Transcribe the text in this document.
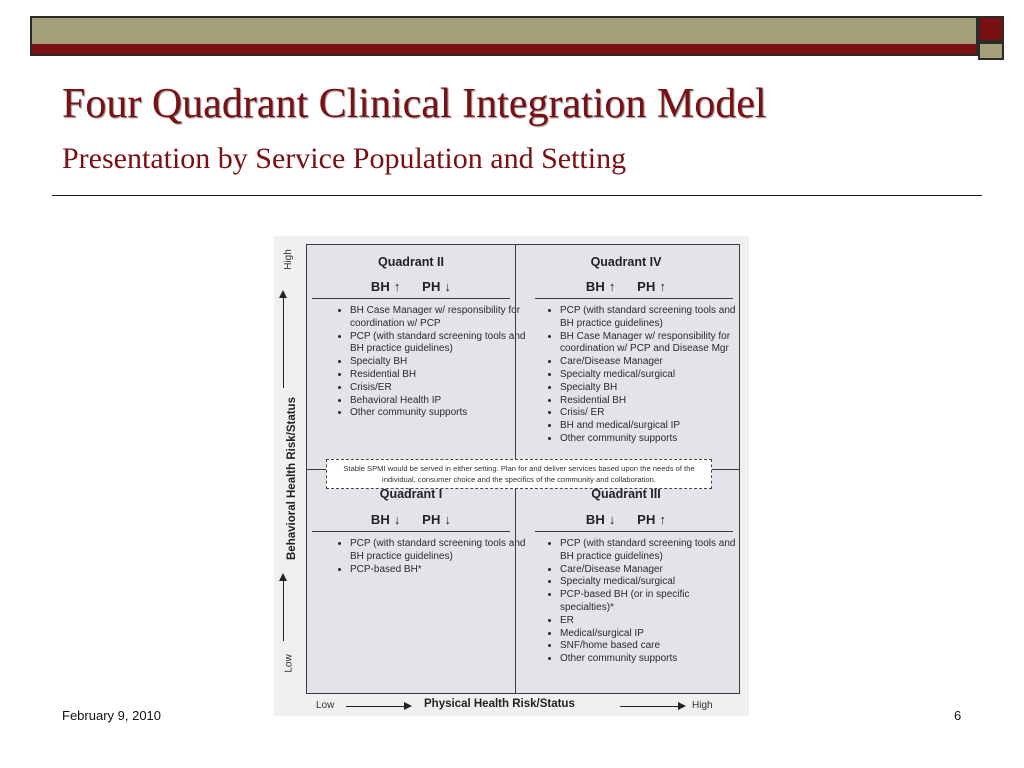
Four Quadrant Clinical Integration Model
Presentation by Service Population and Setting
Quadrant II
BH ↑ PH ↓
• BH Case Manager w/ responsibility for coordination w/ PCP
• PCP (with standard screening tools and BH practice guidelines)
• Specialty BH
• Residential BH
• Crisis/ER
• Behavioral Health IP
• Other community supports
Quadrant IV
BH ↑ PH ↑
• PCP (with standard screening tools and BH practice guidelines)
• BH Case Manager w/ responsibility for coordination w/ PCP and Disease Mgr
• Care/Disease Manager
• Specialty medical/surgical
• Specialty BH
• Residential BH
• Crisis/ ER
• BH and medical/surgical IP
• Other community supports
Stable SPMI would be served in either setting. Plan for and deliver services based upon the needs of the individual, consumer choice and the specifics of the community and collaboration.
Quadrant I
BH ↓ PH ↓
• PCP (with standard screening tools and BH practice guidelines)
• PCP-based BH*
Quadrant III
BH ↓ PH ↑
• PCP (with standard screening tools and BH practice guidelines)
• Care/Disease Manager
• Specialty medical/surgical
• PCP-based BH (or in specific specialties)*
• ER
• Medical/surgical IP
• SNF/home based care
• Other community supports
High
Behavioral Health Risk/Status
Low
Low	Physical Health Risk/Status	High
February 9, 2010	6
